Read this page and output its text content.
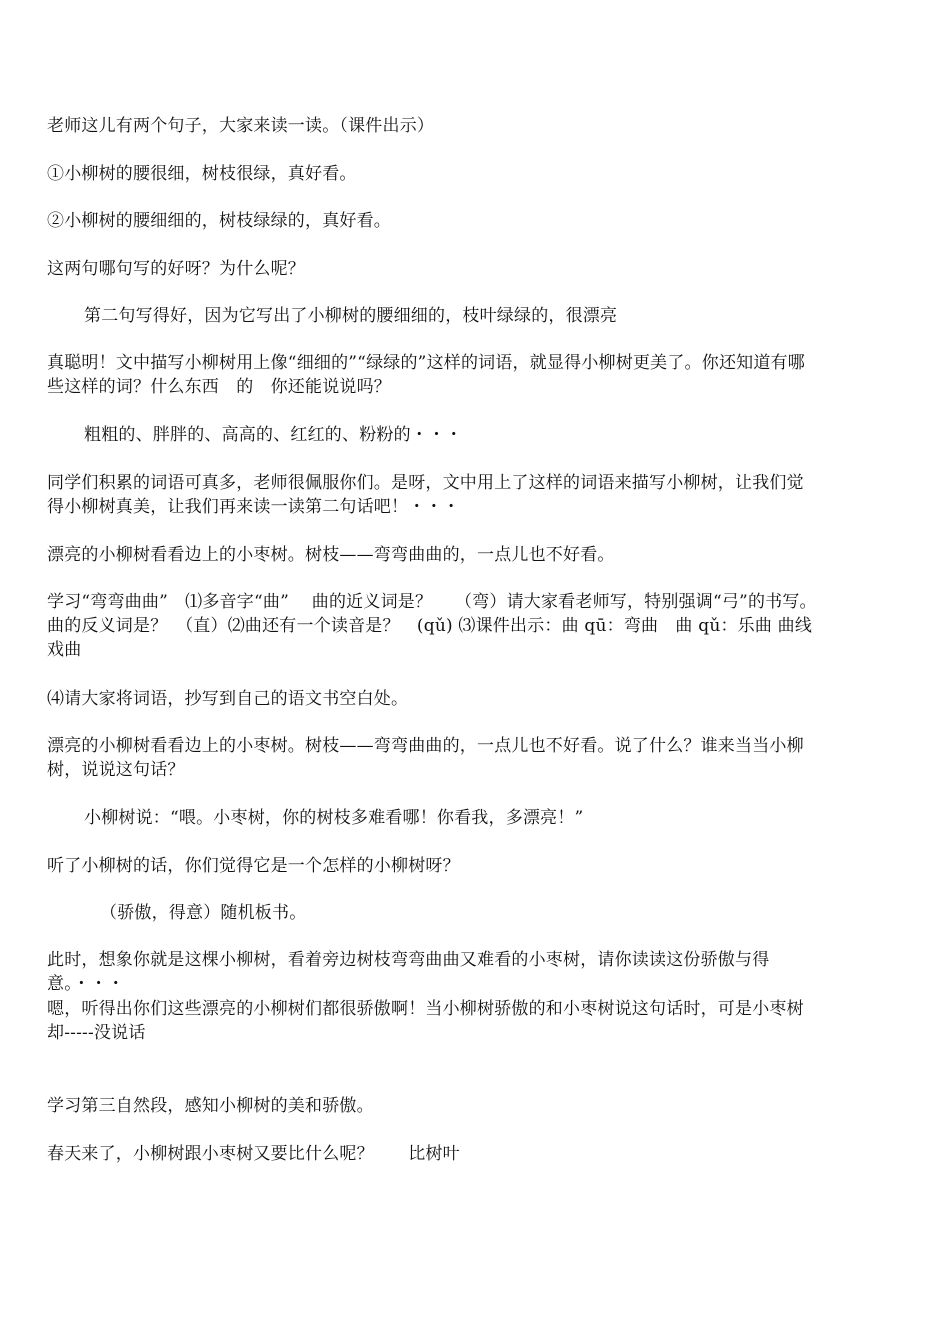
老师这儿有两个句子，大家来读一读。（课件出示）
①小柳树的腰很细，树枝很绿，真好看。
②小柳树的腰细细的，树枝绿绿的，真好看。
这两句哪句写的好呀？为什么呢？
第二句写得好，因为它写出了小柳树的腰细细的，枝叶绿绿的，很漂亮
真聪明！文中描写小柳树用上像“细细的”“绿绿的”这样的词语，就显得小柳树更美了。你还知道有哪些这样的词？什么东西　的　你还能说说吗？
粗粗的、胖胖的、高高的、红红的、粉粉的・・・
同学们积累的词语可真多，老师很佩服你们。是呀，文中用上了这样的词语来描写小柳树，让我们觉得小柳树真美，让我们再来读一读第二句话吧！・・・
漂亮的小柳树看看边上的小枣树。树枝——弯弯曲曲的，一点儿也不好看。
学习“弯弯曲曲”　⑴多音字“曲”　 曲的近义词是？　 （弯）请大家看老师写，特别强调“弓”的书写。曲的反义词是？　（直）⑵曲还有一个读音是？　(qǔ) ⑶课件出示：曲 qū：弯曲　曲 qǔ：乐曲 曲线 戏曲
⑷请大家将词语，抄写到自己的语文书空白处。
漂亮的小柳树看看边上的小枣树。树枝——弯弯曲曲的，一点儿也不好看。说了什么？谁来当当小柳树，说说这句话？
小柳树说：“喂。小枣树，你的树枝多难看哪！你看我，多漂亮！”
听了小柳树的话，你们觉得它是一个怎样的小柳树呀？
（骄傲，得意）随机板书。
此时，想象你就是这棵小柳树，看着旁边树枝弯弯曲曲又难看的小枣树，请你读读这份骄傲与得意。・・・
嗯，听得出你们这些漂亮的小柳树们都很骄傲啊！当小柳树骄傲的和小枣树说这句话时，可是小枣树却-----没说话
学习第三自然段，感知小柳树的美和骄傲。
春天来了，小柳树跟小枣树又要比什么呢？　　比树叶
